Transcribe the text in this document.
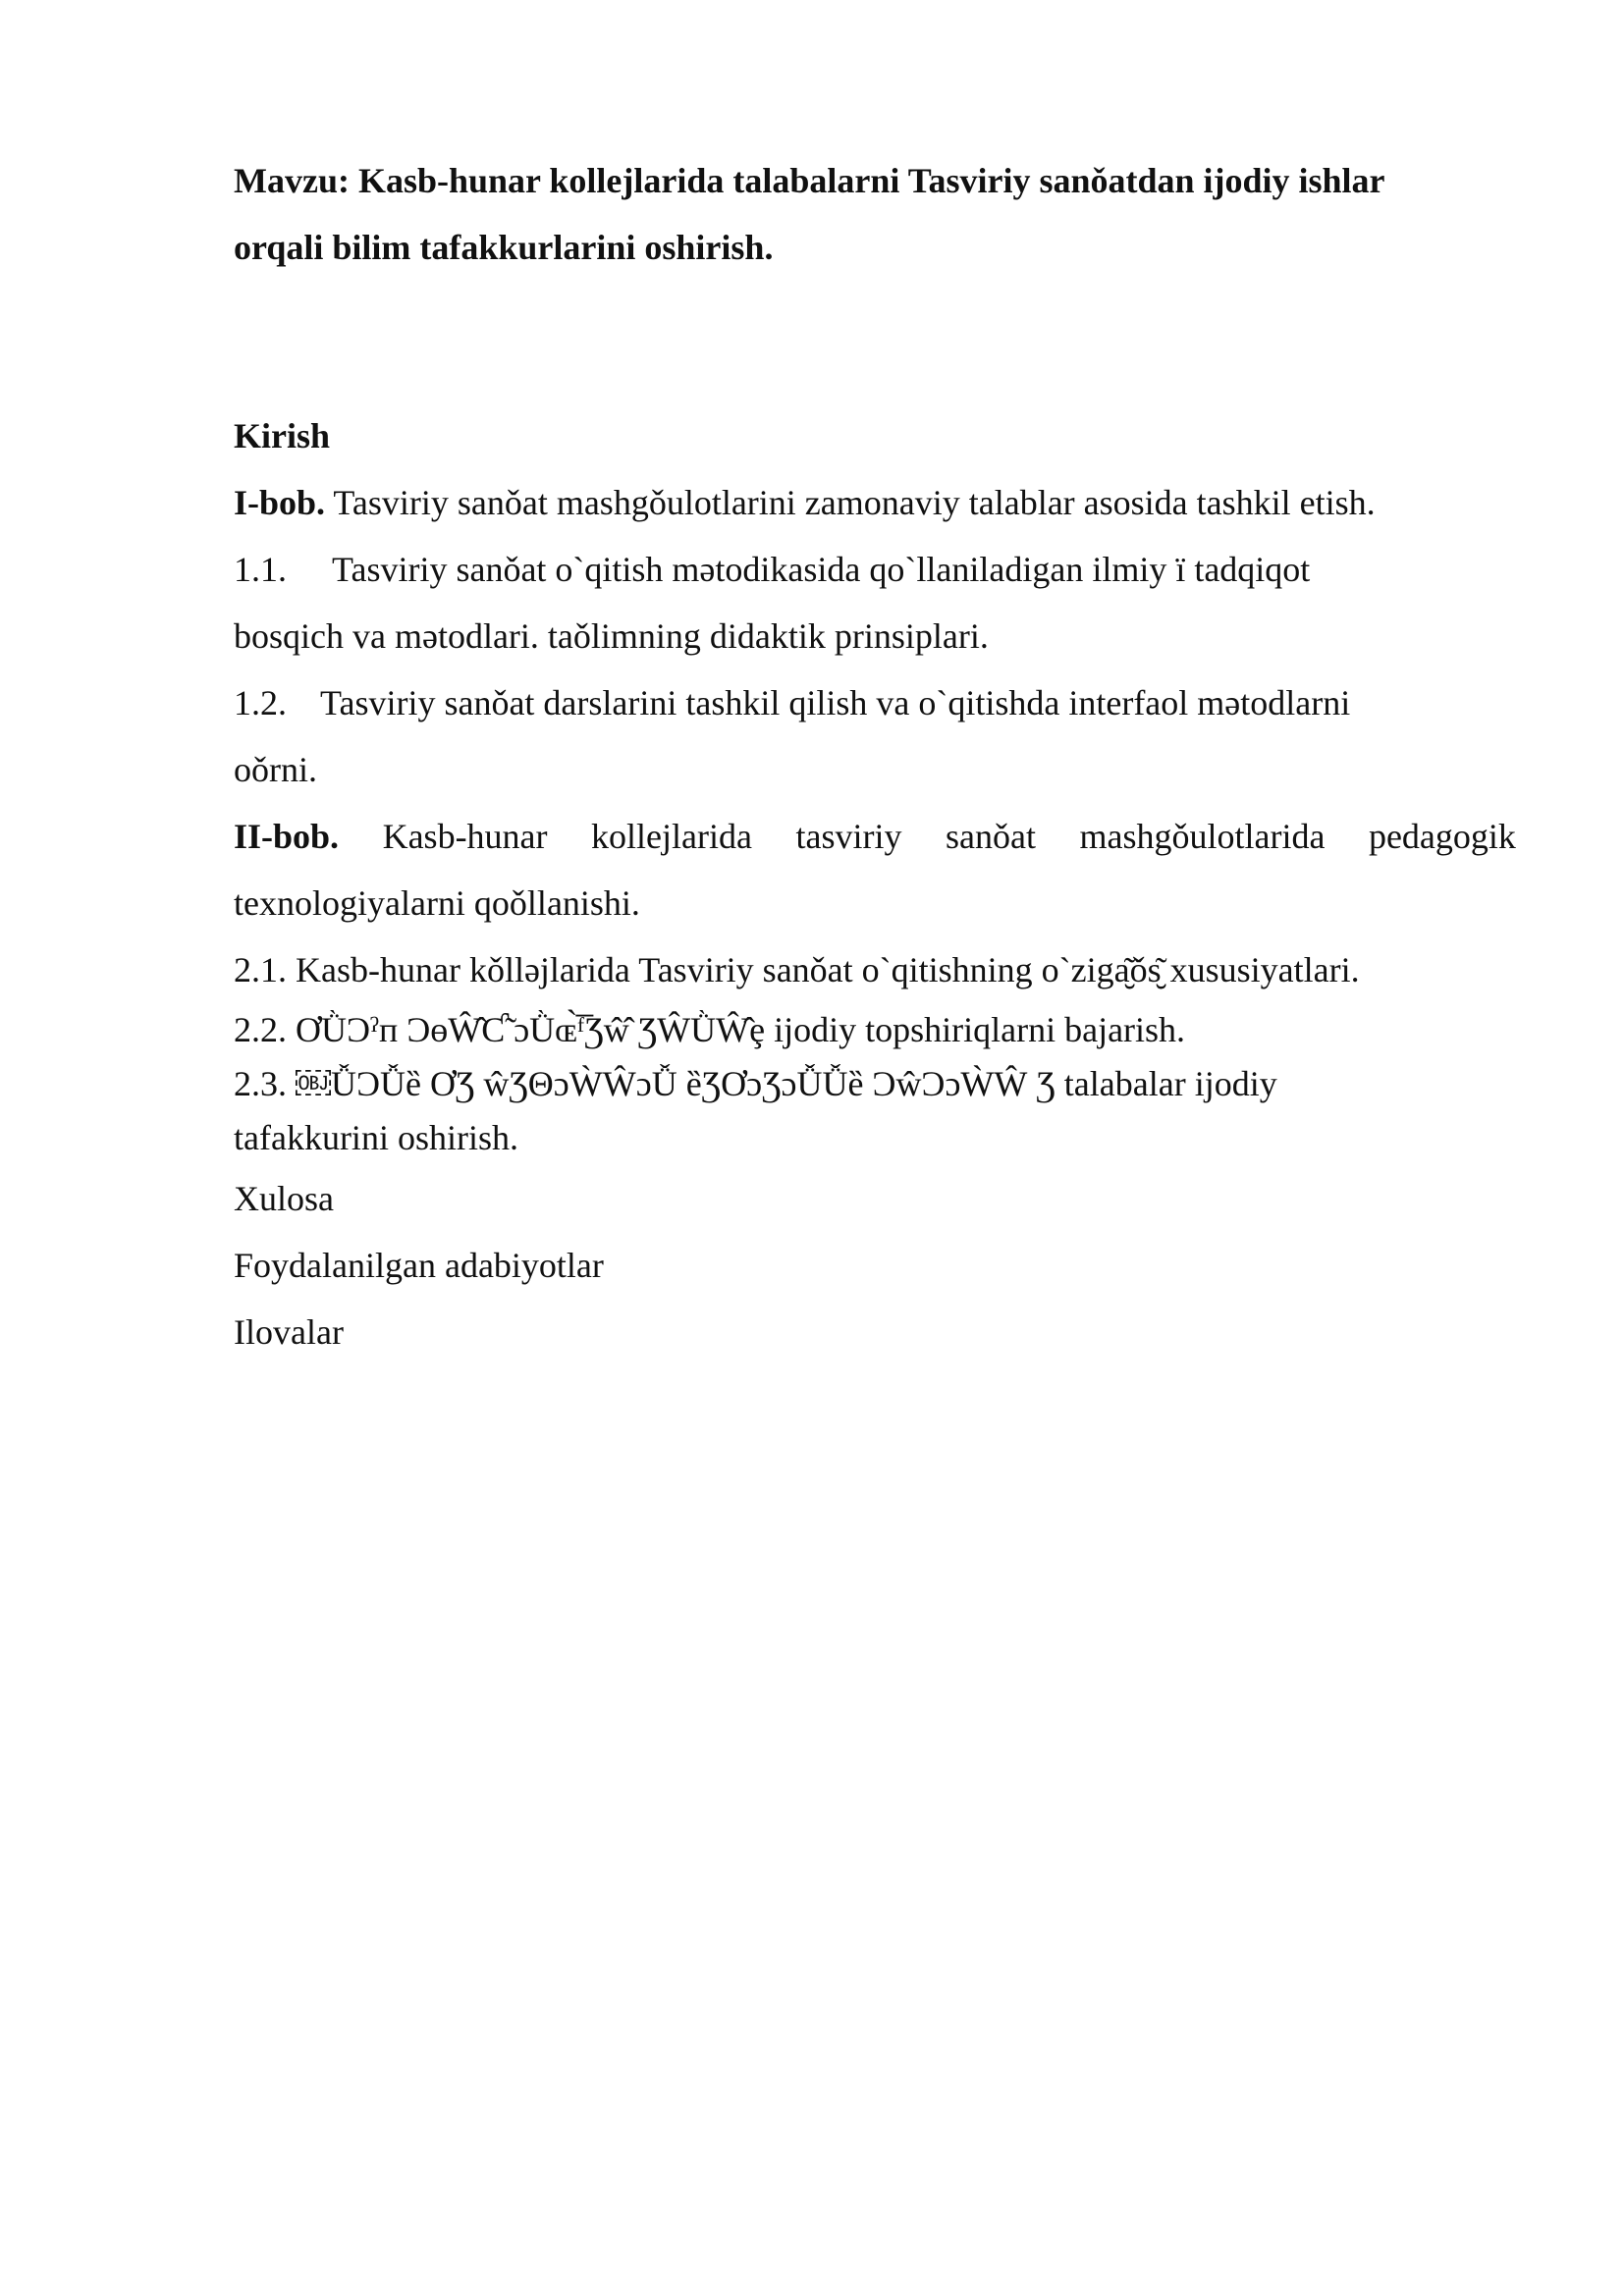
Mavzu: Kasb-hunar kollejlarida talabalarni Tasviriy sanǒatdan ijodiy ishlar
orqali bilim tafakkurlarini oshirish.
Kirish
I-bob. Tasviriy sanǒat mashgǒulotlarini zamonaviy talablar asosida tashkil etish.
1.1. Tasviriy sanǒat o`qitish mətodikasida qo`llaniladigan ilmiy ï tadqiqot
bosqich va mətodlari. taǒlimning didaktik prinsiplari.
1.2. Tasviriy sanǒat darslarini tashkil qilish va o`qitishda interfaol mətodlarni
oǒrni.
II-bob. Kasb-hunar kollejlarida tasviriy sanǒat mashgǒulotlarida pedagogik
texnologiyalarni qoǒllanishi.
2.1. Kasb-hunar kǒlləjlarida Tasviriy sanǒat o`qitishning o`ziga̮͂ǒs̮͂ xususiyatlari.
2.2. ƠǛƆˀᴨ ƆɵŴ̂Ƈ̃ ɔǛɶ̀ᶠ̅Ʒŵ̂ ƷŴǛŴ̂ȩ ijodiy topshiriqlarni bajarish.
2.3. ￼ǙƆǙȅ ƠƷ ŵƷΘɔẀŴɔǙ ȅƷƠɔƷɔǙǙȅ ƆŵƆɔẀŴ Ʒ talabalar ijodiy
tafakkurini oshirish.
Xulosa
Foydalanilgan adabiyotlar
Ilovalar
